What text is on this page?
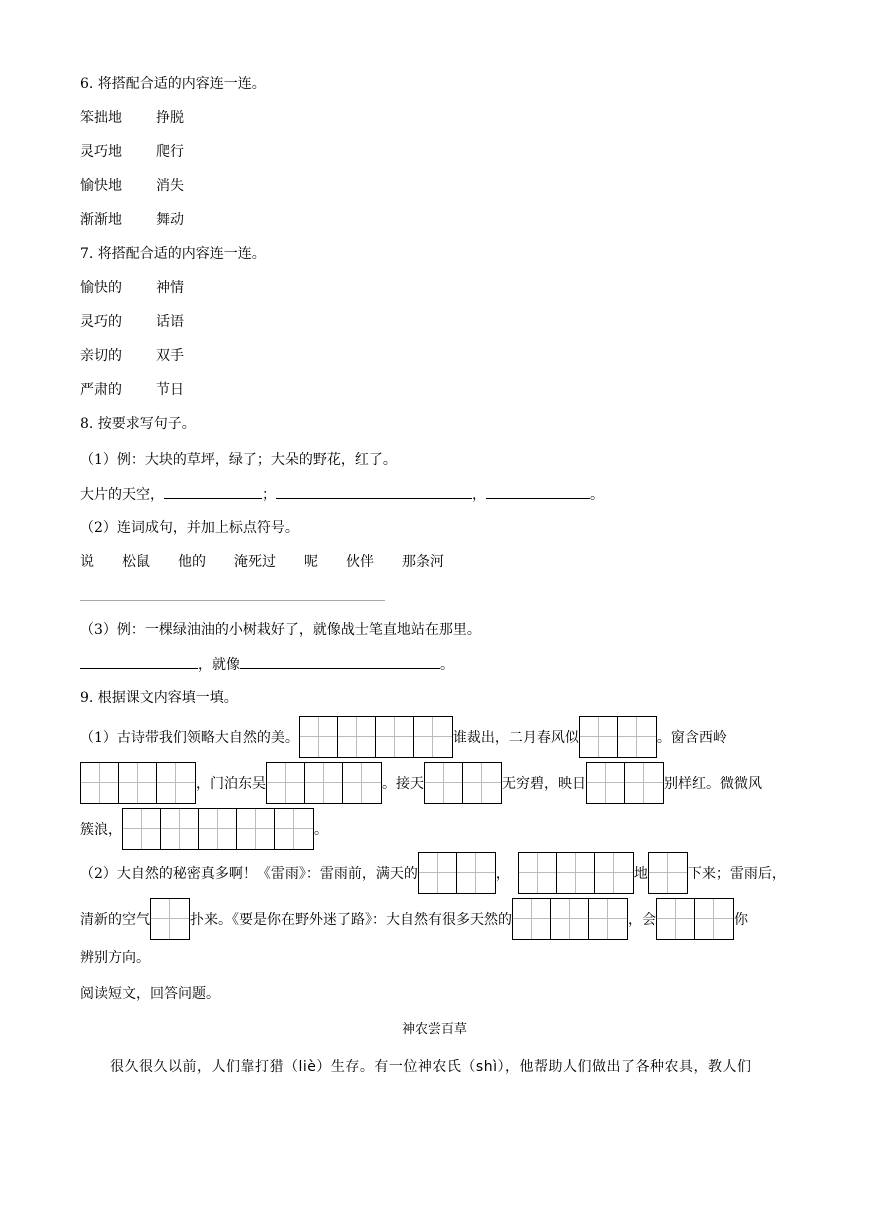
6. 将搭配合适的内容连一连。
笨拙地 挣脱
灵巧地 爬行
愉快地 消失
渐渐地 舞动
7. 将搭配合适的内容连一连。
愉快的 神情
灵巧的 话语
亲切的 双手
严肃的 节日
8. 按要求写句子。
（1）例：大块的草坪，绿了；大朵的野花，红了。
大片的天空，	；	，	。
（2）连词成句，并加上标点符号。
说 松鼠 他的 淹死过 呢 伙伴 那条河
（3）例：一棵绿油油的小树栽好了，就像战士笔直地站在那里。
，就像	。
9. 根据课文内容填一填。
（1）古诗带我们领略大自然的美。	谁裁出，二月春风似	。窗含西岭
，门泊东吴	。接天	无穷碧，映日	别样红。微微风
簇浪，	。
（2）大自然的秘密真多啊！《雷雨》：雷雨前，满天的	，	地	下来；雷雨后，
清新的空气	扑来。《要是你在野外迷了路》：大自然有很多天然的	，会	你
辨别方向。
阅读短文，回答问题。
神农尝百草
很久很久以前，人们靠打猎（liè）生存。有一位神农氏（shì），他帮助人们做出了各种农具，教人们
